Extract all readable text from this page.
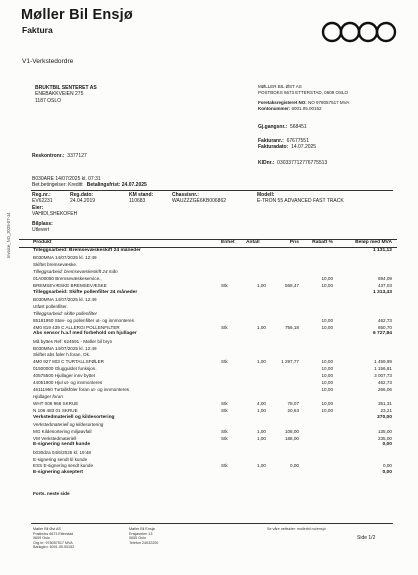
Møller Bil Ensjø
Faktura
V1-Verkstedordre
MØLLER BIL ØST AS
POSTBOKS 6673 ETTERSTAD, 0609 OSLO
Foretaksregisteret NO: NO 978057517 MVA
Kontonummer: 6001.05.00152
BRUKTBIL SENTERET AS
ENEBAKKVEIEN 275
1187 OSLO
Gj.gangsnr.: 568451
Fakturanr.: 67677551
Fakturadato: 14.07.2025
KIDnr.: 030337712776775513
Reskontronr.: 3377127
B030ARE 14/07/2025 kl. 07:31
Bet.betingelser: Kreditt Betalingsfrist: 24.07.2025
Reg.nr.:	Reg.dato:	KM stand:	Chassisnr.:	Modell:
EV62231	24.04.2019	110683	WAUZZZGE6KB006862	E-TRON 55 ADVANCED FAST TRACK
Eier:
VAHIDI,SHEKOFEH
Bilplass:
Utlevert
Produkt	Enhet Antall	Pris	Rabatt %	Beløp med MVA
Tilleggsarbeid: Bremsevæskeskift 24 måneder	1 131,12
B030MNA 14/07/2025 kl. 12:49
Skiftet bremsevæske.
Tilleggsarbeid: bremsevæskeskift 24 mån
01A00050 Bremsevæskeservice.,	10,00	694,09
BREMSEVÆSKE BREMSEVÆSKE	Stk	1,00	568,47	10,00	437,03
Tilleggsarbeid: Skifte pollenfilter 24 måneder	1 313,43
B030MNA 14/07/2025 kl. 12:49
Utført pollenfilter.
Tilleggsarbeid: skifte pollenfilter
85181950 Støv- og pollenfilter ut- og innmonteres	10,00	462,73
4M0 819 439 C ALLERGI POLLENFILTER	Stk	1,00	756,18	10,00	850,70
Abs sensor h.a.f med forbehold om hjullager	6 727,84
Må byttes Ref: 624591 - Møller bil bryn
B030MNA 14/07/2025 kl. 12:49
Skiftet abs føler h.foran, Ok.
4M0 927 803 C TURTALLSFØLER	Stk	1,00	1 297,77	10,00	1 459,99
01500000 Glugguldet funksjon.	10,00	1 156,81
40575500 Hjullager innv byttet	10,00	3 007,73
44051900 Hjul ut- og innmonteres	10,00	462,73
46111950 Turtallsföler foran ut- og innmonteres	10,00	266,06
Hjullager foran
WHT 006 966 SKRUE	Stk	4,00	78,07	10,00	351,31
N 106 483 01 SKRUE	Stk	1,00	20,63	10,00	23,21
Verkstedmateriell og kildesortering	370,00
Verkstedmateriell og kildesortering
MG Kildesortering miljøavfall	Stk	1,00	108,00	135,00
VM Verkstedmateriell	Stk	1,00	188,00	235,00
E-signering sendt kunde	0,00
b030dza 04/6/2025 kl. 19:48
E-signering sendt til kunde
ESS E-signering sendt kunde	Stk	1,00	0,00	0,00
E-signering akseptert	0,00
Forts. neste side
Invoice_NO_2025-07-14
Møller Bil Øst AS
Postboks 6673 Etterstad
0609 Oslo
Org.nr: 978057517 MVA
Bankgiro: 6001.05.00152
Møller Bil Ensjø
Ensjøveien 13
0655 Oslo
Telefon 24032200
Se våre nettsider: mollerbil.no/ensjo
Side 1/2
